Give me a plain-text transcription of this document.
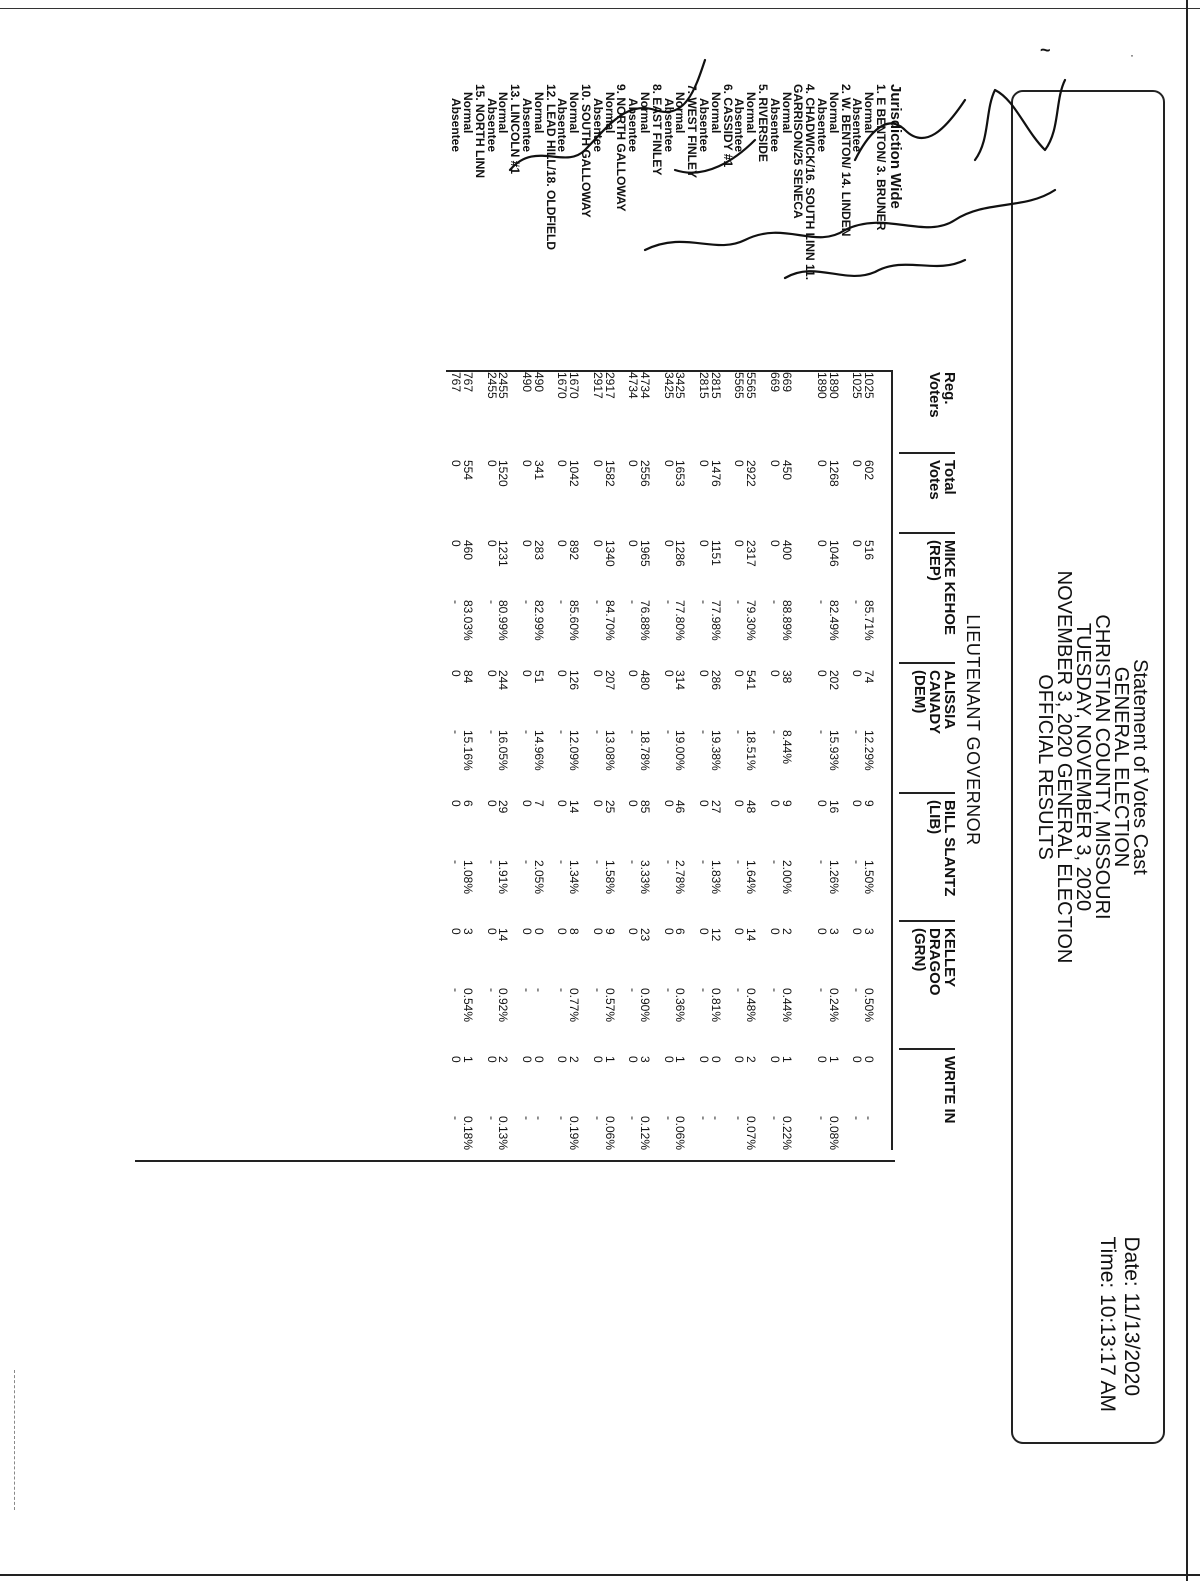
~	·
Statement of Votes Cast
GENERAL ELECTION
CHRISTIAN COUNTY, MISSOURI
TUESDAY, NOVEMBER 3, 2020
NOVEMBER 3, 2020 GENERAL ELECTION
OFFICIAL RESULTS
Date: 11/13/2020
Time: 10:13:17 AM
LIEUTENANT GOVERNOR
Reg.
Voters
Total
Votes
MIKE KEHOE
(REP)
ALISSIA
CANADY
(DEM)
BILL SLANTZ
(LIB)
KELLEY
DRAGOO
(GRN)
WRITE IN
Jurisdiction Wide
1. E BENTON/ 3. BRUNER
Normal
1025
602
516
85.71%
74
12.29%
9
1.50%
3
0.50%
0
-
Absentee
1025
0
0
-
0
-
0
-
0
-
0
-
2. W. BENTON/ 14. LINDEN
Normal
1890
1268
1046
82.49%
202
15.93%
16
1.26%
3
0.24%
1
0.08%
Absentee
1890
0
0
-
0
-
0
-
0
-
0
-
4. CHADWICK/16. SOUTH LINN 11.
GARRISON/25 SENECA
Normal
669
450
400
88.89%
38
8.44%
9
2.00%
2
0.44%
1
0.22%
Absentee
669
0
0
-
0
-
0
-
0
-
0
-
5. RIVERSIDE
Normal
5565
2922
2317
79.30%
541
18.51%
48
1.64%
14
0.48%
2
0.07%
Absentee
5565
0
0
-
0
-
0
-
0
-
0
-
6. CASSIDY #1
Normal
2815
1476
1151
77.98%
286
19.38%
27
1.83%
12
0.81%
0
-
Absentee
2815
0
0
-
0
-
0
-
0
-
0
-
7. WEST FINLEY
Normal
3425
1653
1286
77.80%
314
19.00%
46
2.78%
6
0.36%
1
0.06%
Absentee
3425
0
0
-
0
-
0
-
0
-
0
-
8. EAST FINLEY
Normal
4734
2556
1965
76.88%
480
18.78%
85
3.33%
23
0.90%
3
0.12%
Absentee
4734
0
0
-
0
-
0
-
0
-
0
-
9. NORTH GALLOWAY
Normal
2917
1582
1340
84.70%
207
13.08%
25
1.58%
9
0.57%
1
0.06%
Absentee
2917
0
0
-
0
-
0
-
0
-
0
-
10. SOUTH GALLOWAY
Normal
1670
1042
892
85.60%
126
12.09%
14
1.34%
8
0.77%
2
0.19%
Absentee
1670
0
0
-
0
-
0
-
0
-
0
-
12. LEAD HILL/18. OLDFIELD
Normal
490
341
283
82.99%
51
14.96%
7
2.05%
0
-
0
-
Absentee
490
0
0
-
0
-
0
-
0
-
0
-
13. LINCOLN #1
Normal
2455
1520
1231
80.99%
244
16.05%
29
1.91%
14
0.92%
2
0.13%
Absentee
2455
0
0
-
0
-
0
-
0
-
0
-
15. NORTH LINN
Normal
767
554
460
83.03%
84
15.16%
6
1.08%
3
0.54%
1
0.18%
Absentee
767
0
0
-
0
-
0
-
0
-
0
-
